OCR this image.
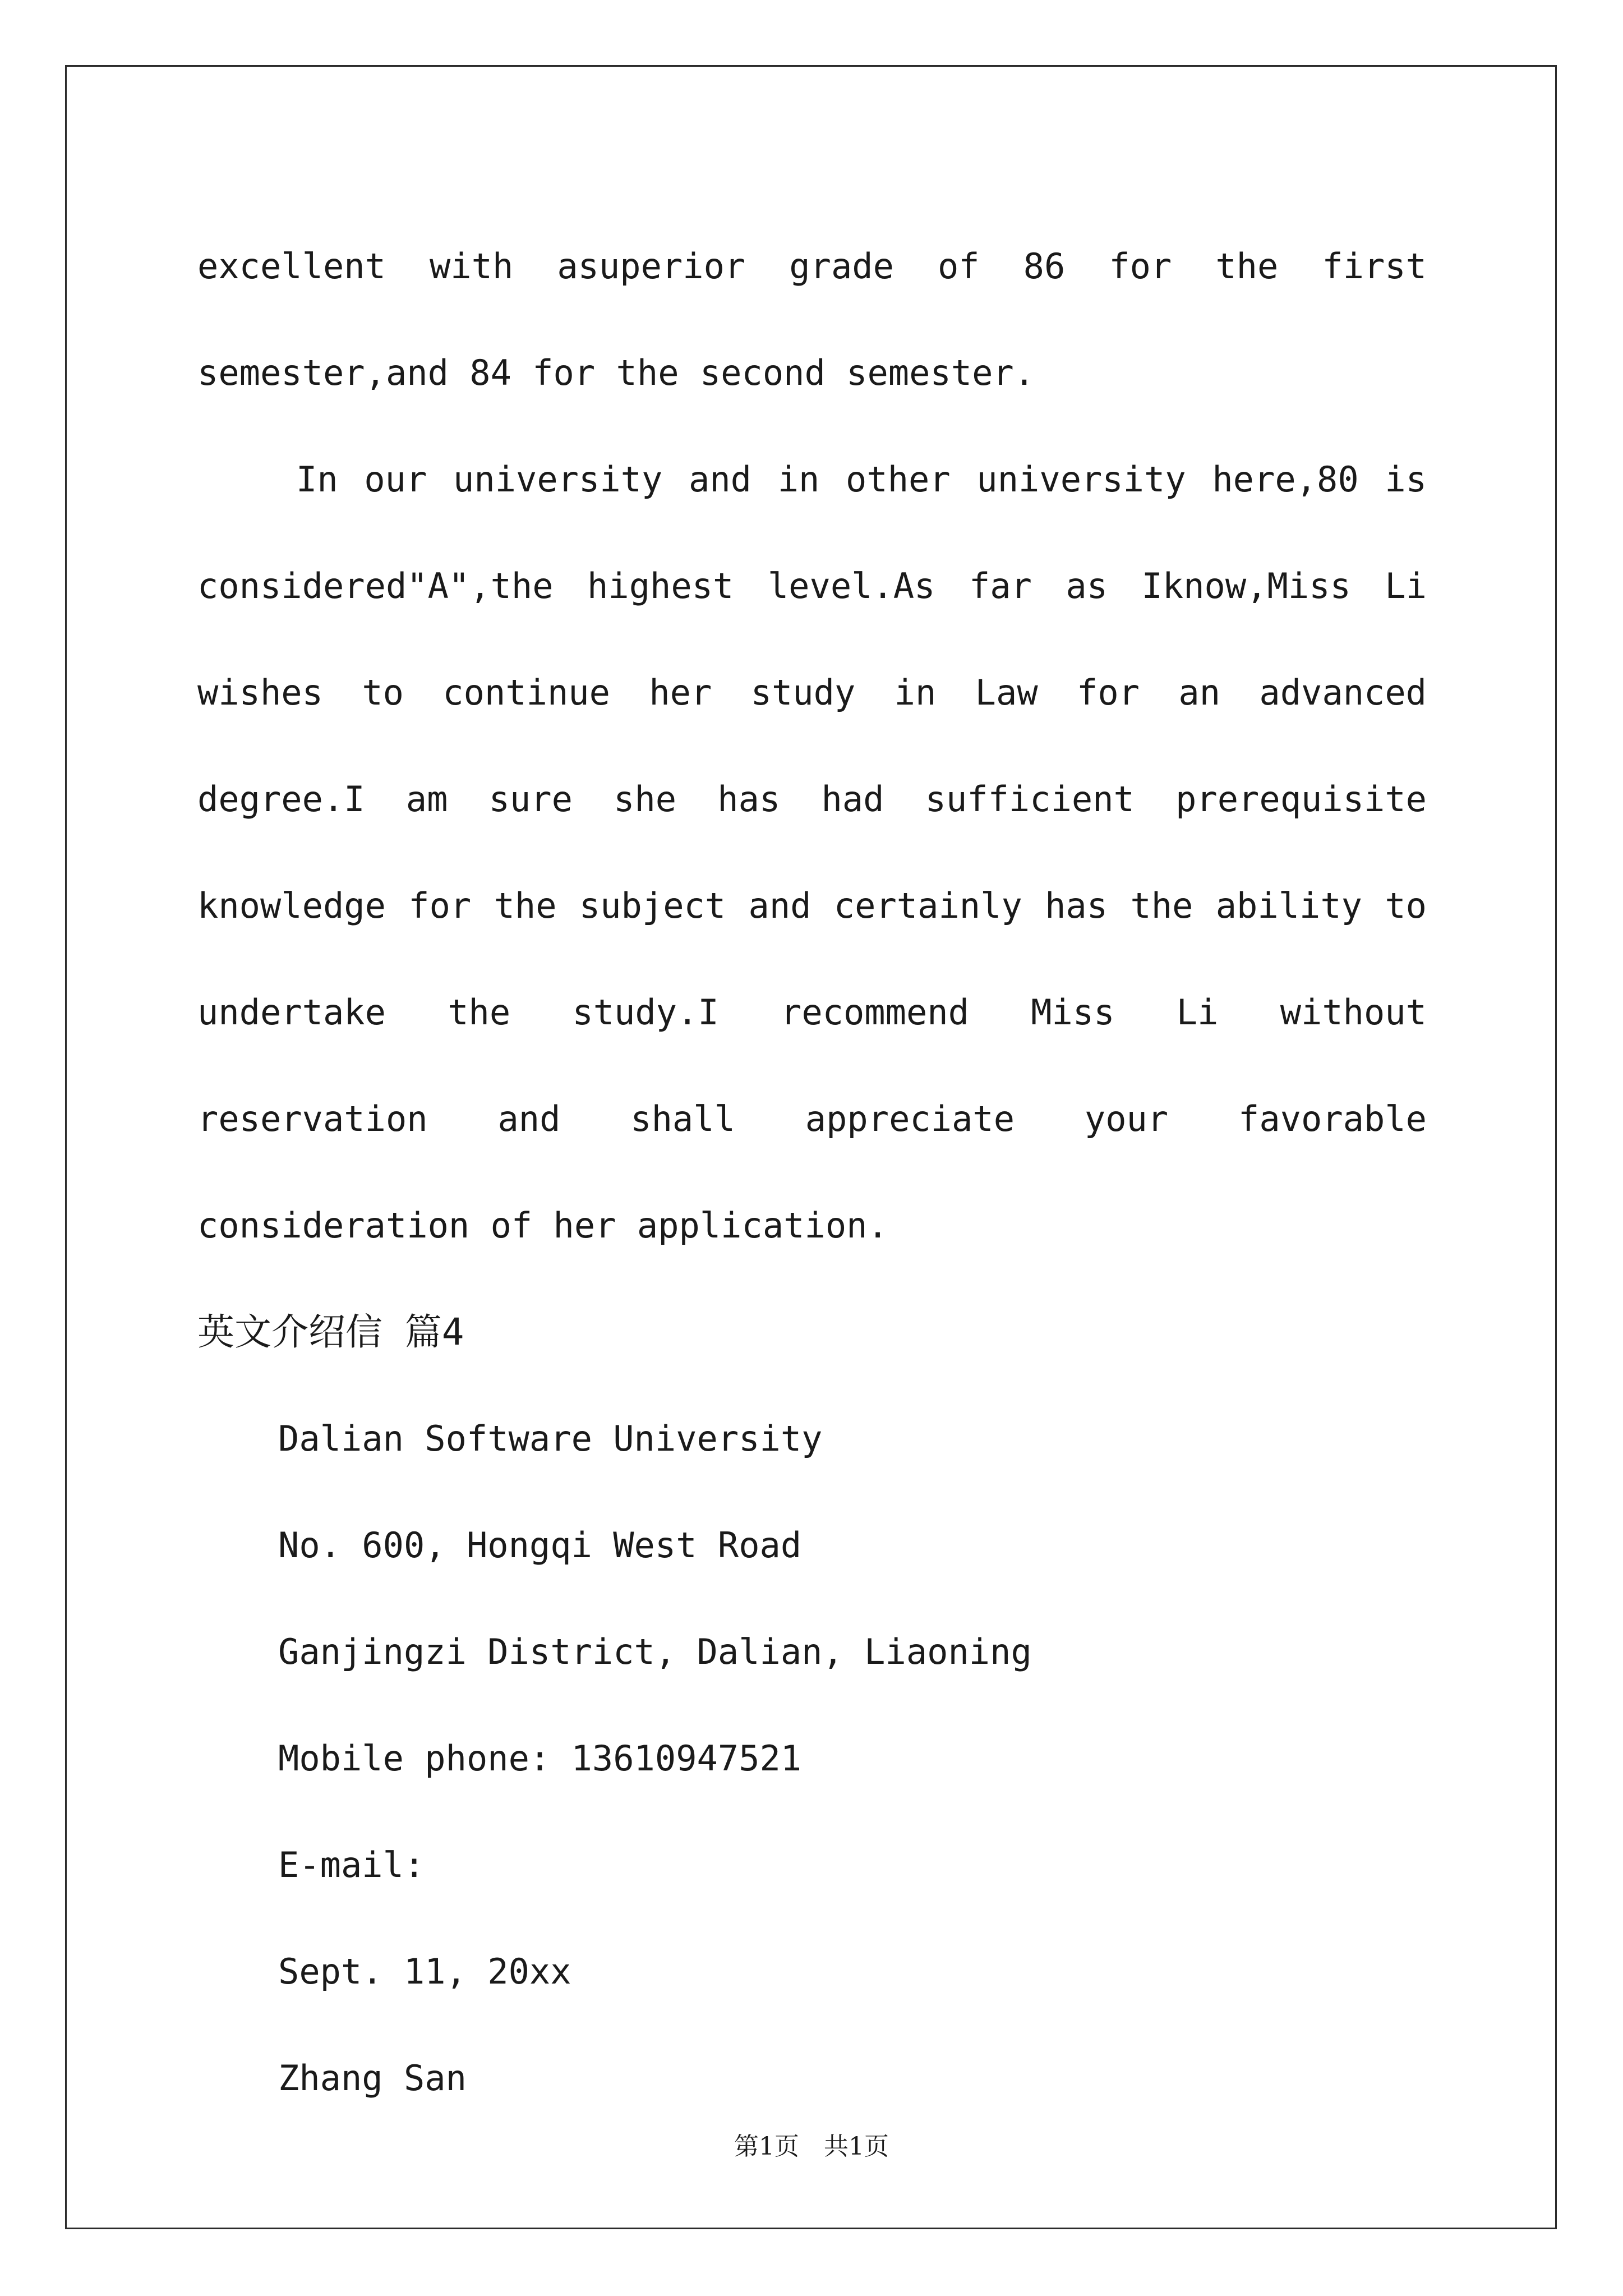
excellent with asuperior grade of 86 for the first semester,and 84 for the second semester.

In our university and in other university here,80 is considered"A",the highest level.As far as Iknow,Miss Li wishes to continue her study in Law for an advanced degree.I am sure she has had sufficient prerequisite knowledge for the subject and certainly has the ability to undertake the study.I recommend Miss Li without reservation and shall appreciate your favorable consideration of her application.

英文介绍信 篇4

Dalian Software University

No. 600, Hongqi West Road

Ganjingzi District, Dalian, Liaoning

Mobile phone: 13610947521

E-mail:

Sept. 11, 20xx

Zhang San

第1页　共1页
